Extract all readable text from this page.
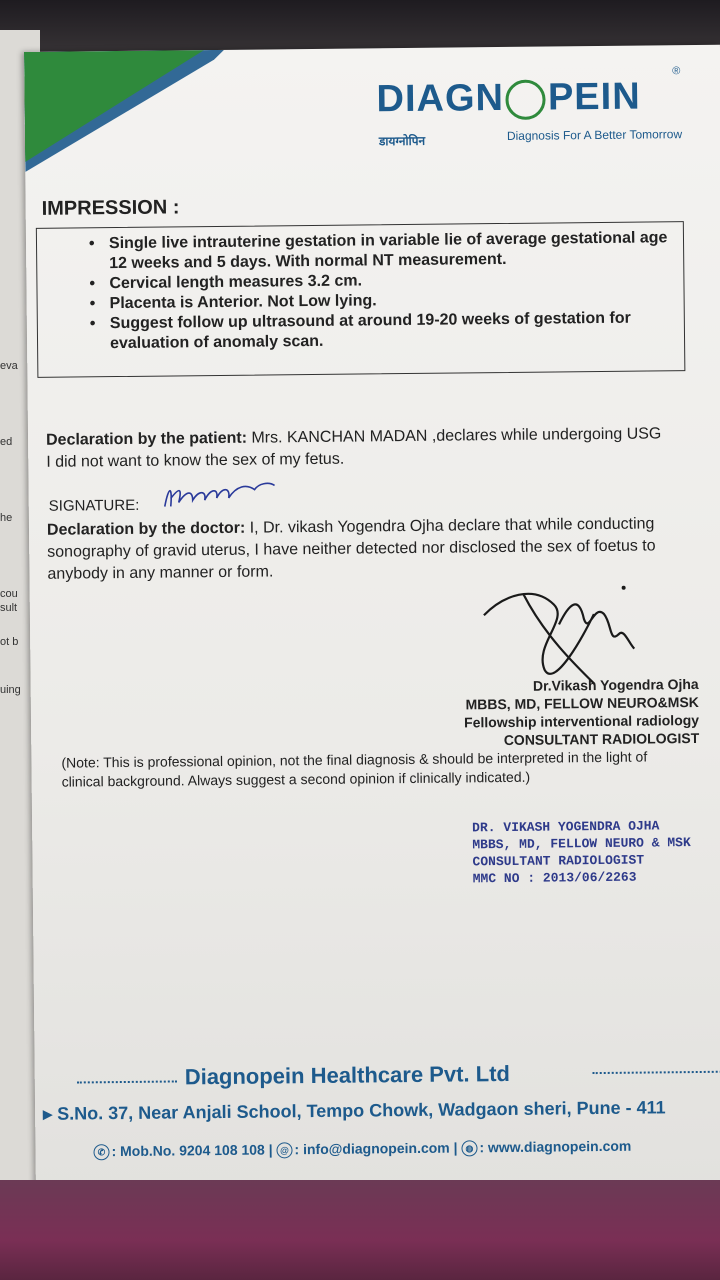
eva
ed
he
cou
sult
ot b
uing
DIAGN PEIN
®
डायग्नोपिन	Diagnosis For A Better Tomorrow
IMPRESSION :
• Single live intrauterine gestation in variable lie of average gestational age 12 weeks and 5 days. With normal NT measurement.
• Cervical length measures 3.2 cm.
• Placenta is Anterior. Not Low lying.
• Suggest follow up ultrasound at around 19-20 weeks of gestation for evaluation of anomaly scan.
Declaration by the patient: Mrs. KANCHAN MADAN ,declares while undergoing USG I did not want to know the sex of my fetus.
SIGNATURE:
Declaration by the doctor: I, Dr. vikash Yogendra Ojha declare that while conducting sonography of gravid uterus, I have neither detected nor disclosed the sex of foetus to anybody in any manner or form.
Dr.Vikash Yogendra Ojha
MBBS, MD, FELLOW NEURO&MSK
Fellowship interventional radiology
CONSULTANT RADIOLOGIST
(Note: This is professional opinion, not the final diagnosis & should be interpreted in the light of clinical background. Always suggest a second opinion if clinically indicated.)
DR. VIKASH YOGENDRA OJHA
MBBS, MD, FELLOW NEURO & MSK
CONSULTANT RADIOLOGIST
MMC NO : 2013/06/2263
Diagnopein Healthcare Pvt. Ltd
▸ S.No. 37, Near Anjali School, Tempo Chowk, Wadgaon sheri, Pune - 411
✆ : Mob.No. 9204 108 108 | @ : info@diagnopein.com | ◍ : www.diagnopein.com
